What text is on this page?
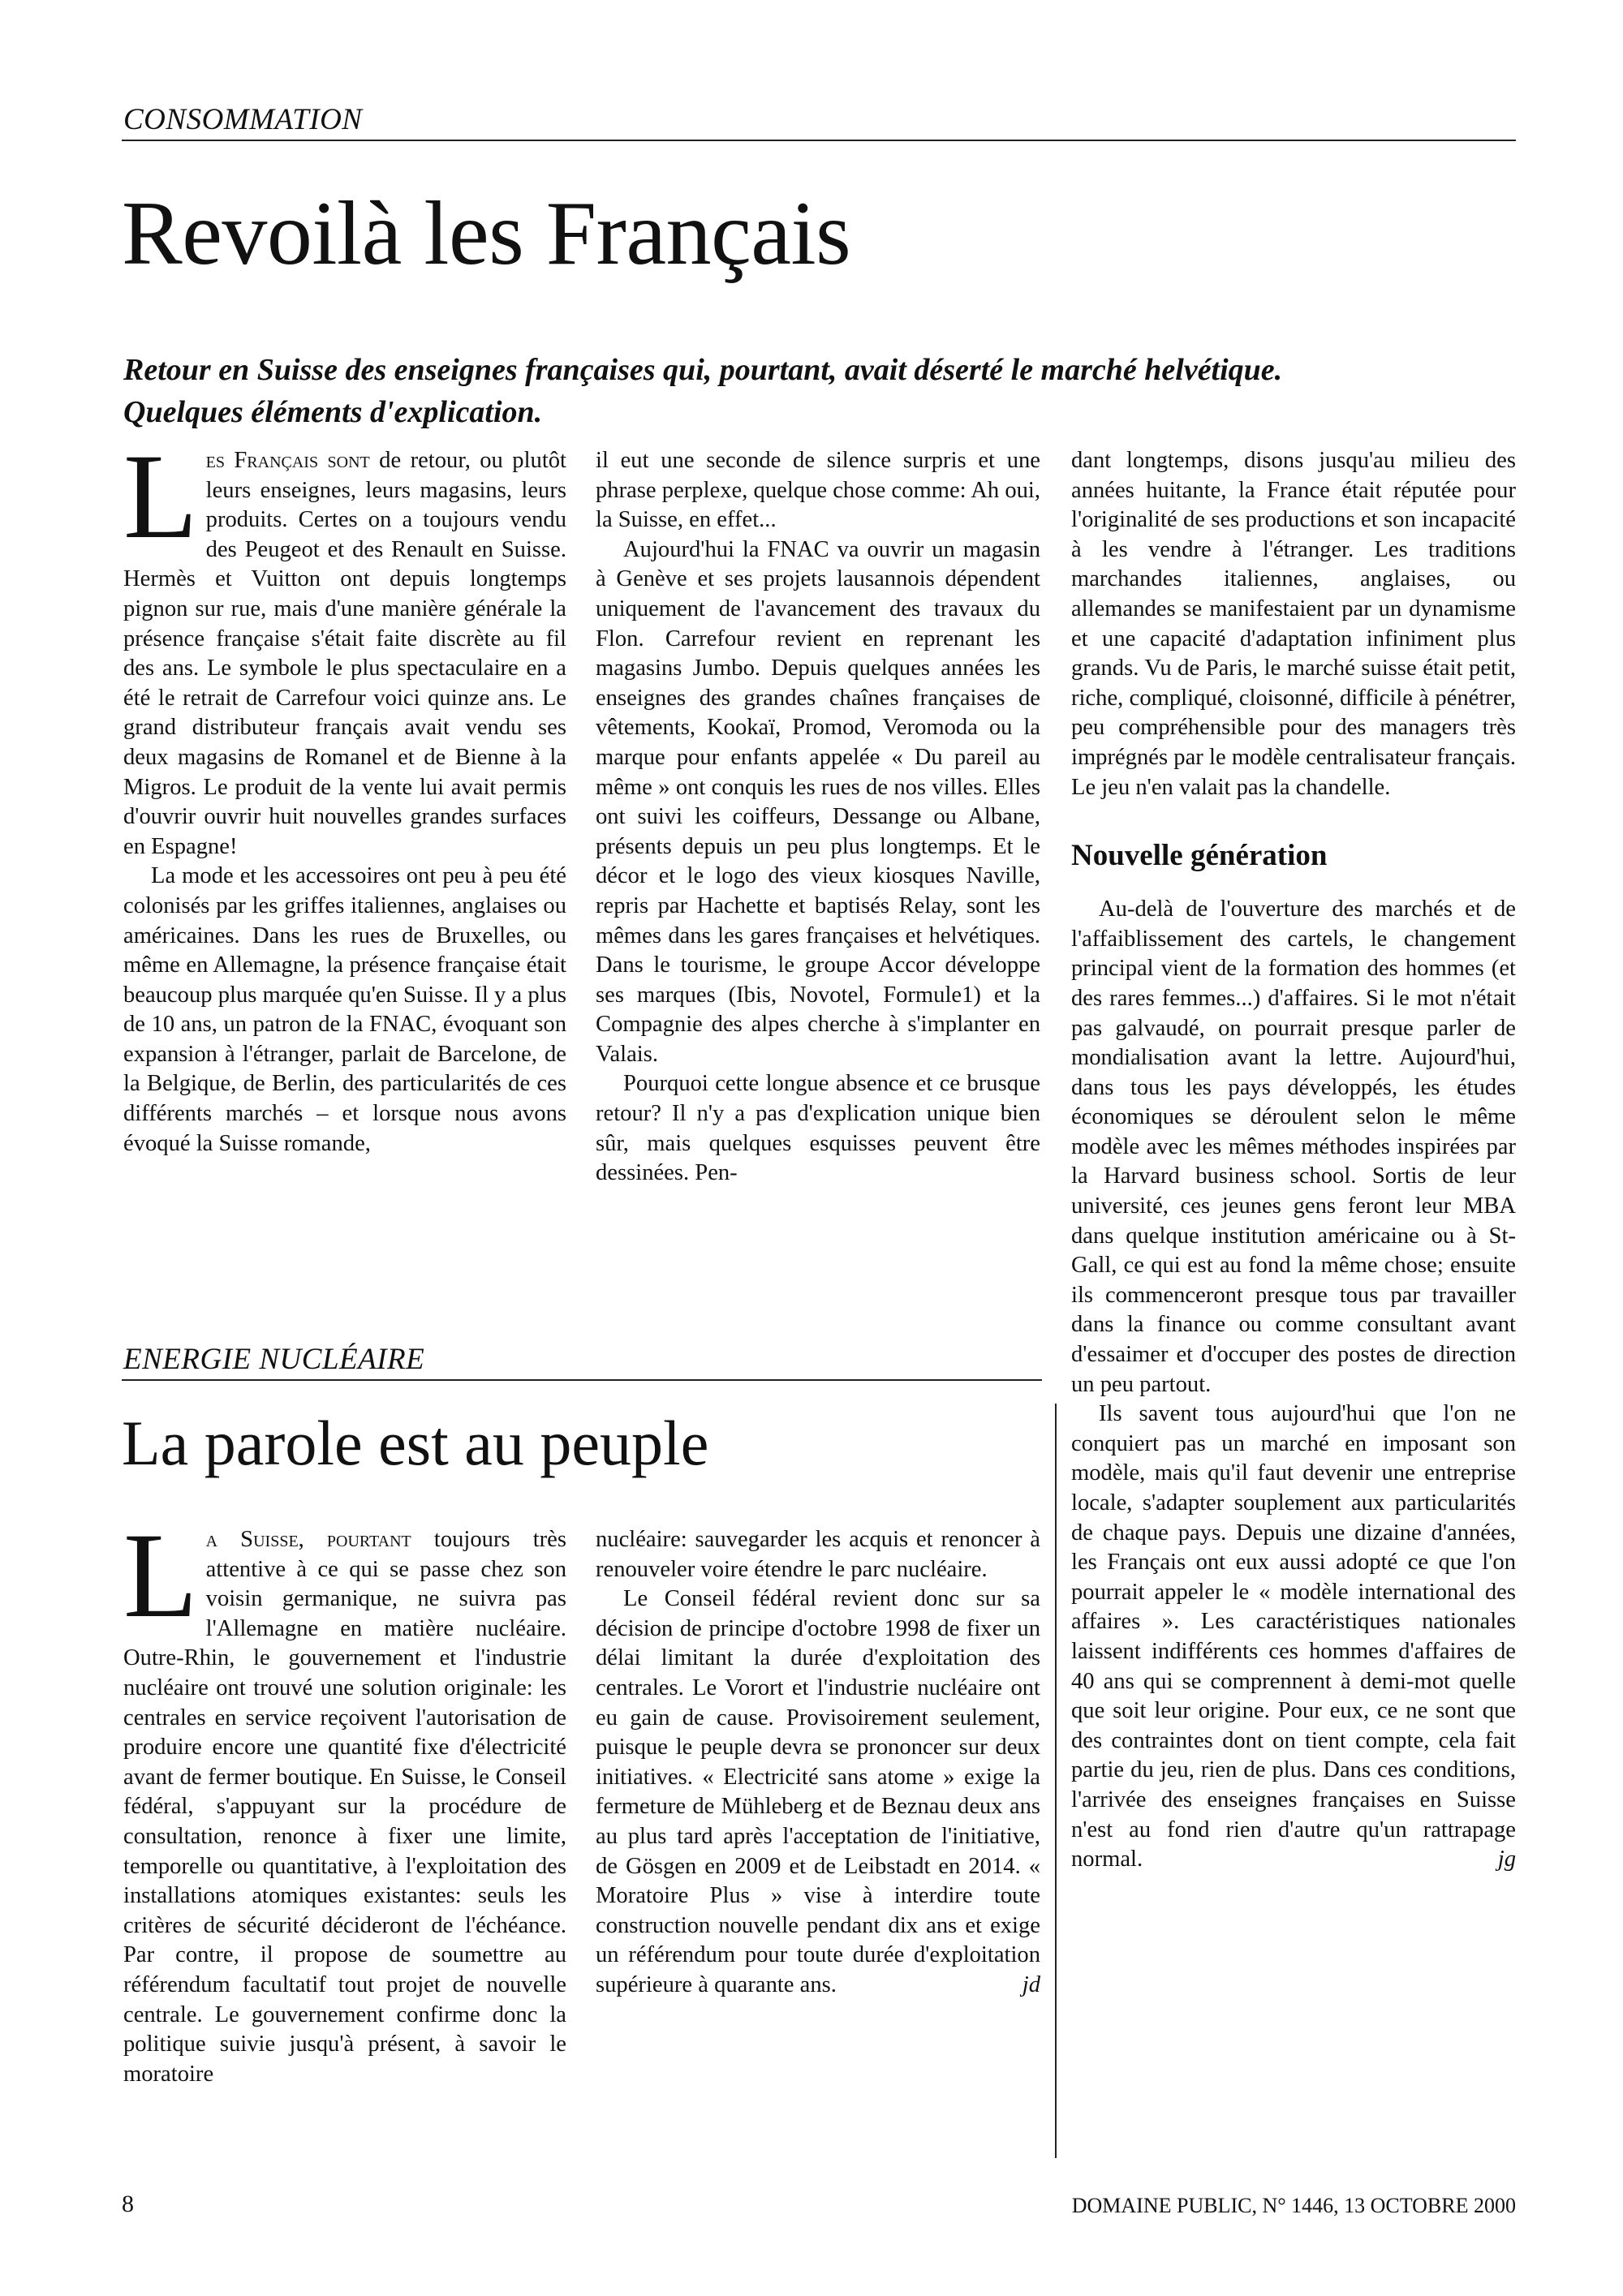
CONSOMMATION
Revoilà les Français
Retour en Suisse des enseignes françaises qui, pourtant, avait déserté le marché helvétique. Quelques éléments d'explication.

Les Français sont de retour, ou plutôt leurs enseignes, leurs magasins, leurs produits. Certes on a toujours vendu des Peugeot et des Renault en Suisse. Hermès et Vuitton ont depuis longtemps pignon sur rue, mais d'une manière générale la présence française s'était faite discrète au fil des ans. Le symbole le plus spectaculaire en a été le retrait de Carrefour voici quinze ans. Le grand distributeur français avait vendu ses deux magasins de Romanel et de Bienne à la Migros. Le produit de la vente lui avait permis d'ouvrir ouvrir huit nouvelles grandes surfaces en Espagne!

La mode et les accessoires ont peu à peu été colonisés par les griffes italiennes, anglaises ou américaines. Dans les rues de Bruxelles, ou même en Allemagne, la présence française était beaucoup plus marquée qu'en Suisse. Il y a plus de 10 ans, un patron de la FNAC, évoquant son expansion à l'étranger, parlait de Barcelone, de la Belgique, de Berlin, des particularités de ces différents marchés – et lorsque nous avons évoqué la Suisse romande,

il eut une seconde de silence surpris et une phrase perplexe, quelque chose comme: Ah oui, la Suisse, en effet...

Aujourd'hui la FNAC va ouvrir un magasin à Genève et ses projets lausannois dépendent uniquement de l'avancement des travaux du Flon. Carrefour revient en reprenant les magasins Jumbo. Depuis quelques années les enseignes des grandes chaînes françaises de vêtements, Kookaï, Promod, Veromoda ou la marque pour enfants appelée « Du pareil au même » ont conquis les rues de nos villes. Elles ont suivi les coiffeurs, Dessange ou Albane, présents depuis un peu plus longtemps. Et le décor et le logo des vieux kiosques Naville, repris par Hachette et baptisés Relay, sont les mêmes dans les gares françaises et helvétiques. Dans le tourisme, le groupe Accor développe ses marques (Ibis, Novotel, Formule1) et la Compagnie des alpes cherche à s'implanter en Valais.

Pourquoi cette longue absence et ce brusque retour? Il n'y a pas d'explication unique bien sûr, mais quelques esquisses peuvent être dessinées. Pen-

dant longtemps, disons jusqu'au milieu des années huitante, la France était réputée pour l'originalité de ses productions et son incapacité à les vendre à l'étranger. Les traditions marchandes italiennes, anglaises, ou allemandes se manifestaient par un dynamisme et une capacité d'adaptation infiniment plus grands. Vu de Paris, le marché suisse était petit, riche, compliqué, cloisonné, difficile à pénétrer, peu compréhensible pour des managers très imprégnés par le modèle centralisateur français. Le jeu n'en valait pas la chandelle.

Nouvelle génération

Au-delà de l'ouverture des marchés et de l'affaiblissement des cartels, le changement principal vient de la formation des hommes (et des rares femmes...) d'affaires. Si le mot n'était pas galvaudé, on pourrait presque parler de mondialisation avant la lettre. Aujourd'hui, dans tous les pays développés, les études économiques se déroulent selon le même modèle avec les mêmes méthodes inspirées par la Harvard business school. Sortis de leur université, ces jeunes gens feront leur MBA dans quelque institution américaine ou à St-Gall, ce qui est au fond la même chose; ensuite ils commenceront presque tous par travailler dans la finance ou comme consultant avant d'essaimer et d'occuper des postes de direction un peu partout.

Ils savent tous aujourd'hui que l'on ne conquiert pas un marché en imposant son modèle, mais qu'il faut devenir une entreprise locale, s'adapter souplement aux particularités de chaque pays. Depuis une dizaine d'années, les Français ont eux aussi adopté ce que l'on pourrait appeler le « modèle international des affaires ». Les caractéristiques nationales laissent indifférents ces hommes d'affaires de 40 ans qui se comprennent à demi-mot quelle que soit leur origine. Pour eux, ce ne sont que des contraintes dont on tient compte, cela fait partie du jeu, rien de plus. Dans ces conditions, l'arrivée des enseignes françaises en Suisse n'est au fond rien d'autre qu'un rattrapage normal.	jg

ENERGIE NUCLÉAIRE
La parole est au peuple

La Suisse, pourtant toujours très attentive à ce qui se passe chez son voisin germanique, ne suivra pas l'Allemagne en matière nucléaire. Outre-Rhin, le gouvernement et l'industrie nucléaire ont trouvé une solution originale: les centrales en service reçoivent l'autorisation de produire encore une quantité fixe d'électricité avant de fermer boutique. En Suisse, le Conseil fédéral, s'appuyant sur la procédure de consultation, renonce à fixer une limite, temporelle ou quantitative, à l'exploitation des installations atomiques existantes: seuls les critères de sécurité décideront de l'échéance. Par contre, il propose de soumettre au référendum facultatif tout projet de nouvelle centrale. Le gouvernement confirme donc la politique suivie jusqu'à présent, à savoir le moratoire

nucléaire: sauvegarder les acquis et renoncer à renouveler voire étendre le parc nucléaire.

Le Conseil fédéral revient donc sur sa décision de principe d'octobre 1998 de fixer un délai limitant la durée d'exploitation des centrales. Le Vorort et l'industrie nucléaire ont eu gain de cause. Provisoirement seulement, puisque le peuple devra se prononcer sur deux initiatives. « Electricité sans atome » exige la fermeture de Mühleberg et de Beznau deux ans au plus tard après l'acceptation de l'initiative, de Gösgen en 2009 et de Leibstadt en 2014. « Moratoire Plus » vise à interdire toute construction nouvelle pendant dix ans et exige un référendum pour toute durée d'exploitation supérieure à quarante ans.	jd

8	DOMAINE PUBLIC, N° 1446, 13 OCTOBRE 2000
